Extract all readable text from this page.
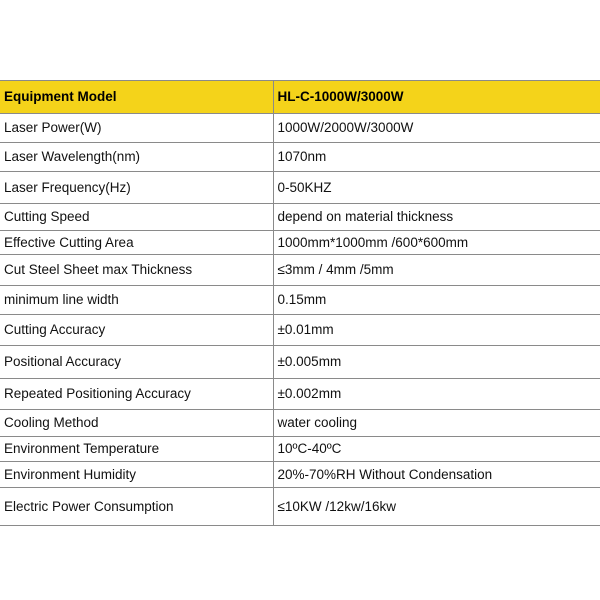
Equipment Model	HL-C-1000W/3000W
Laser Power(W)	1000W/2000W/3000W
Laser Wavelength(nm)	1070nm
Laser Frequency(Hz)	0-50KHZ
Cutting Speed	depend on material thickness
Effective Cutting Area	1000mm*1000mm /600*600mm
Cut Steel Sheet max Thickness	≤3mm / 4mm /5mm
minimum line width	0.15mm
Cutting Accuracy	±0.01mm
Positional Accuracy	±0.005mm
Repeated Positioning Accuracy	±0.002mm
Cooling Method	water cooling
Environment Temperature	10ºC-40ºC
Environment Humidity	20%-70%RH Without Condensation
Electric Power Consumption	≤10KW /12kw/16kw
